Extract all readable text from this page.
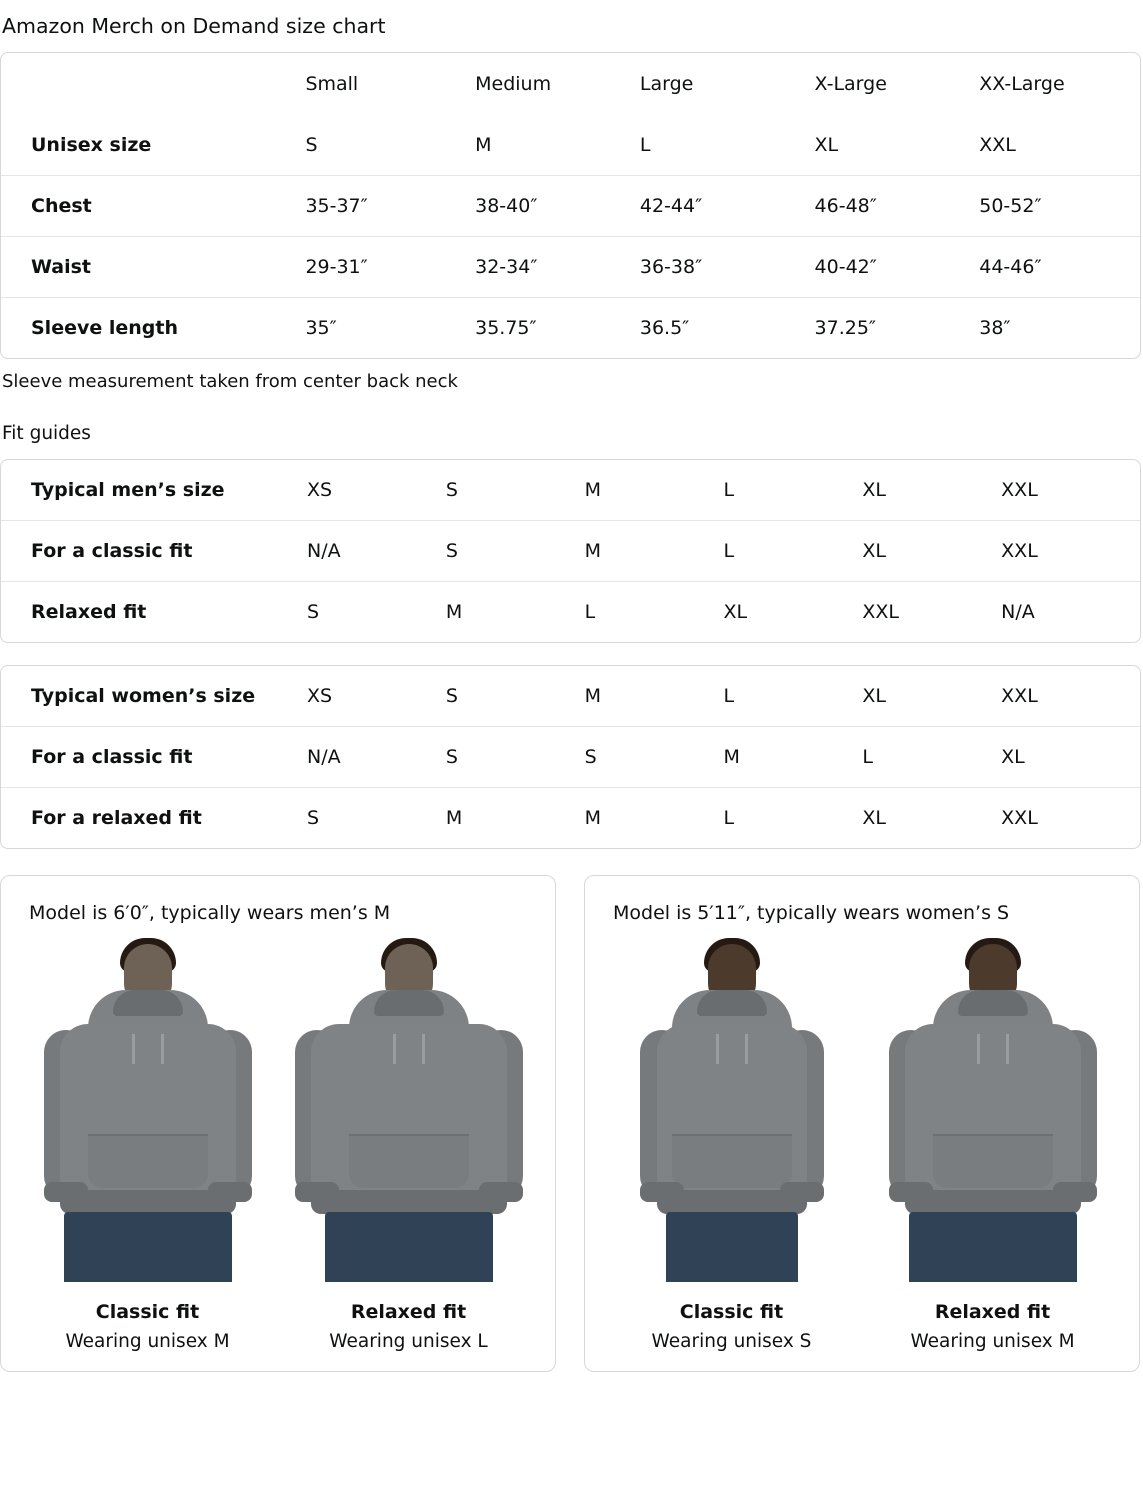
Amazon Merch on Demand size chart
	Small	Medium	Large	X-Large	XX-Large
Unisex size	S	M	L	XL	XXL
Chest	35-37″	38-40″	42-44″	46-48″	50-52″
Waist	29-31″	32-34″	36-38″	40-42″	44-46″
Sleeve length	35″	35.75″	36.5″	37.25″	38″
Sleeve measurement taken from center back neck
Fit guides
Typical men’s size	XS	S	M	L	XL	XXL
For a classic fit	N/A	S	M	L	XL	XXL
Relaxed fit	S	M	L	XL	XXL	N/A
Typical women’s size	XS	S	M	L	XL	XXL
For a classic fit	N/A	S	S	M	L	XL
For a relaxed fit	S	M	M	L	XL	XXL
Model is 6′0″, typically wears men’s M
Classic fit
Wearing unisex M
Relaxed fit
Wearing unisex L
Model is 5′11″, typically wears women’s S
Classic fit
Wearing unisex S
Relaxed fit
Wearing unisex M
